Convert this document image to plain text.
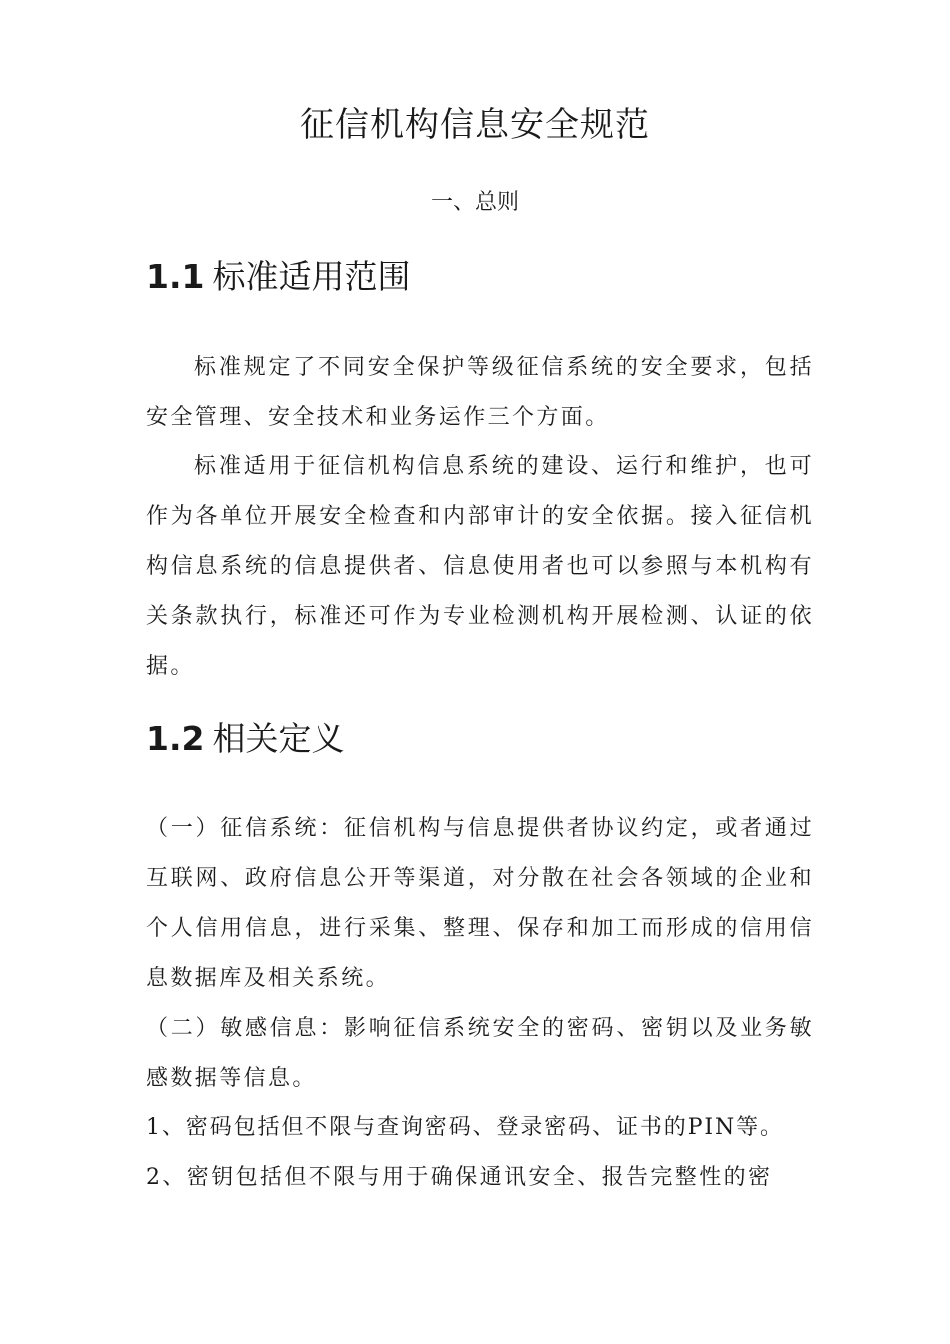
征信机构信息安全规范

一、总则

1.1 标准适用范围

标准规定了不同安全保护等级征信系统的安全要求，包括安全管理、安全技术和业务运作三个方面。

标准适用于征信机构信息系统的建设、运行和维护，也可作为各单位开展安全检查和内部审计的安全依据。接入征信机构信息系统的信息提供者、信息使用者也可以参照与本机构有关条款执行，标准还可作为专业检测机构开展检测、认证的依据。

1.2 相关定义

（一）征信系统：征信机构与信息提供者协议约定，或者通过互联网、政府信息公开等渠道，对分散在社会各领域的企业和个人信用信息，进行采集、整理、保存和加工而形成的信用信息数据库及相关系统。

（二）敏感信息：影响征信系统安全的密码、密钥以及业务敏感数据等信息。

1、密码包括但不限与查询密码、登录密码、证书的PIN等。

2、密钥包括但不限与用于确保通讯安全、报告完整性的密
